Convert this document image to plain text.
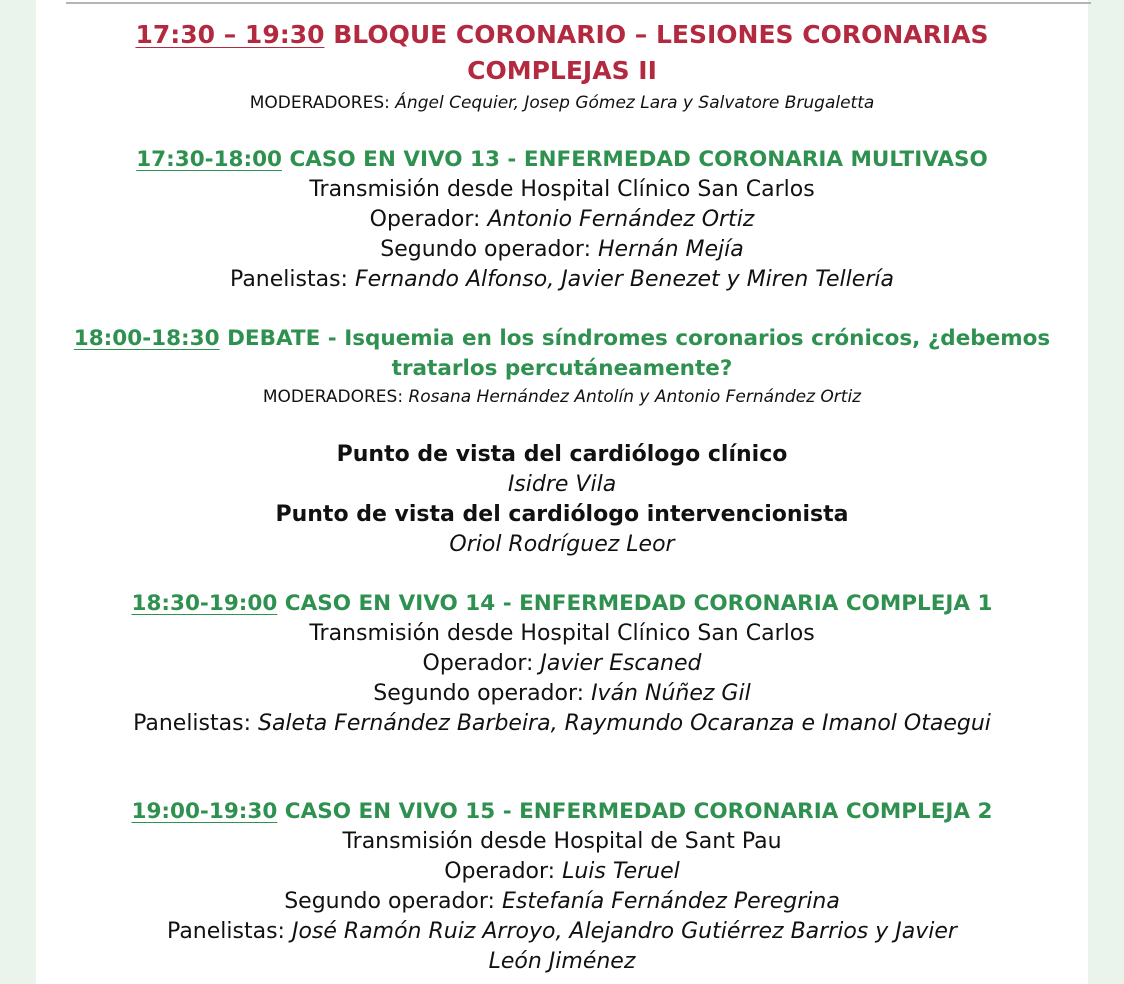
17:30 – 19:30 BLOQUE CORONARIO – LESIONES CORONARIAS
COMPLEJAS II
MODERADORES: Ángel Cequier, Josep Gómez Lara y Salvatore Brugaletta
17:30-18:00 CASO EN VIVO 13 - ENFERMEDAD CORONARIA MULTIVASO
Transmisión desde Hospital Clínico San Carlos
Operador: Antonio Fernández Ortiz
Segundo operador: Hernán Mejía
Panelistas: Fernando Alfonso, Javier Benezet y Miren Tellería
18:00-18:30 DEBATE - Isquemia en los síndromes coronarios crónicos, ¿debemos
tratarlos percutáneamente?
MODERADORES: Rosana Hernández Antolín y Antonio Fernández Ortiz
Punto de vista del cardiólogo clínico
Isidre Vila
Punto de vista del cardiólogo intervencionista
Oriol Rodríguez Leor
18:30-19:00 CASO EN VIVO 14 - ENFERMEDAD CORONARIA COMPLEJA 1
Transmisión desde Hospital Clínico San Carlos
Operador: Javier Escaned
Segundo operador: Iván Núñez Gil
Panelistas: Saleta Fernández Barbeira, Raymundo Ocaranza e Imanol Otaegui
19:00-19:30 CASO EN VIVO 15 - ENFERMEDAD CORONARIA COMPLEJA 2
Transmisión desde Hospital de Sant Pau
Operador: Luis Teruel
Segundo operador: Estefanía Fernández Peregrina
Panelistas: José Ramón Ruiz Arroyo, Alejandro Gutiérrez Barrios y Javier
León Jiménez
